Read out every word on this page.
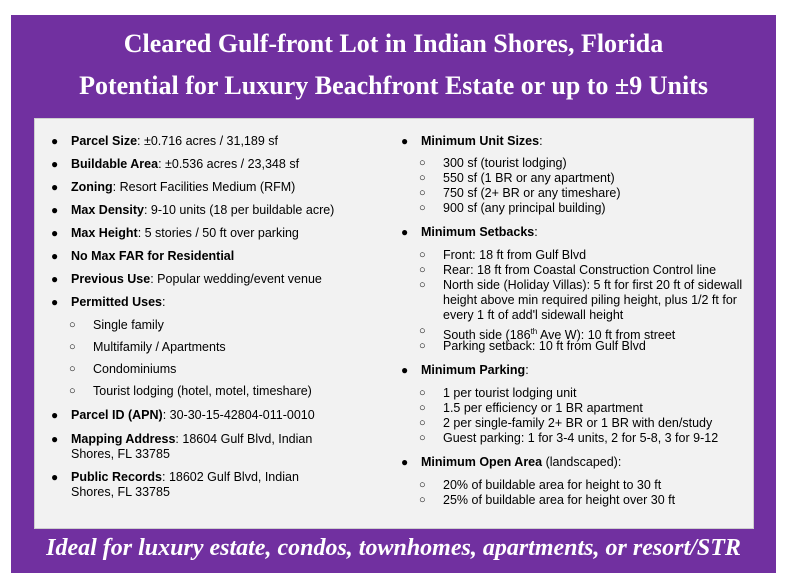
Cleared Gulf-front Lot in Indian Shores, Florida
Potential for Luxury Beachfront Estate or up to ±9 Units
● Parcel Size: ±0.716 acres / 31,189 sf
● Buildable Area: ±0.536 acres / 23,348 sf
● Zoning: Resort Facilities Medium (RFM)
● Max Density: 9-10 units (18 per buildable acre)
● Max Height: 5 stories / 50 ft over parking
● No Max FAR for Residential
● Previous Use: Popular wedding/event venue
● Permitted Uses:
○ Single family
○ Multifamily / Apartments
○ Condominiums
○ Tourist lodging (hotel, motel, timeshare)
● Parcel ID (APN): 30-30-15-42804-011-0010
● Mapping Address: 18604 Gulf Blvd, Indian
Shores, FL 33785
● Public Records: 18602 Gulf Blvd, Indian
Shores, FL 33785
● Minimum Unit Sizes:
○ 300 sf (tourist lodging)
○ 550 sf (1 BR or any apartment)
○ 750 sf (2+ BR or any timeshare)
○ 900 sf (any principal building)
● Minimum Setbacks:
○ Front: 18 ft from Gulf Blvd
○ Rear: 18 ft from Coastal Construction Control line
○ North side (Holiday Villas): 5 ft for first 20 ft of sidewall
height above min required piling height, plus 1/2 ft for
every 1 ft of add'l sidewall height
○ South side (186th Ave W): 10 ft from street
○ Parking setback: 10 ft from Gulf Blvd
● Minimum Parking:
○ 1 per tourist lodging unit
○ 1.5 per efficiency or 1 BR apartment
○ 2 per single-family 2+ BR or 1 BR with den/study
○ Guest parking: 1 for 3-4 units, 2 for 5-8, 3 for 9-12
● Minimum Open Area (landscaped):
○ 20% of buildable area for height to 30 ft
○ 25% of buildable area for height over 30 ft
Ideal for luxury estate, condos, townhomes, apartments, or resort/STR
